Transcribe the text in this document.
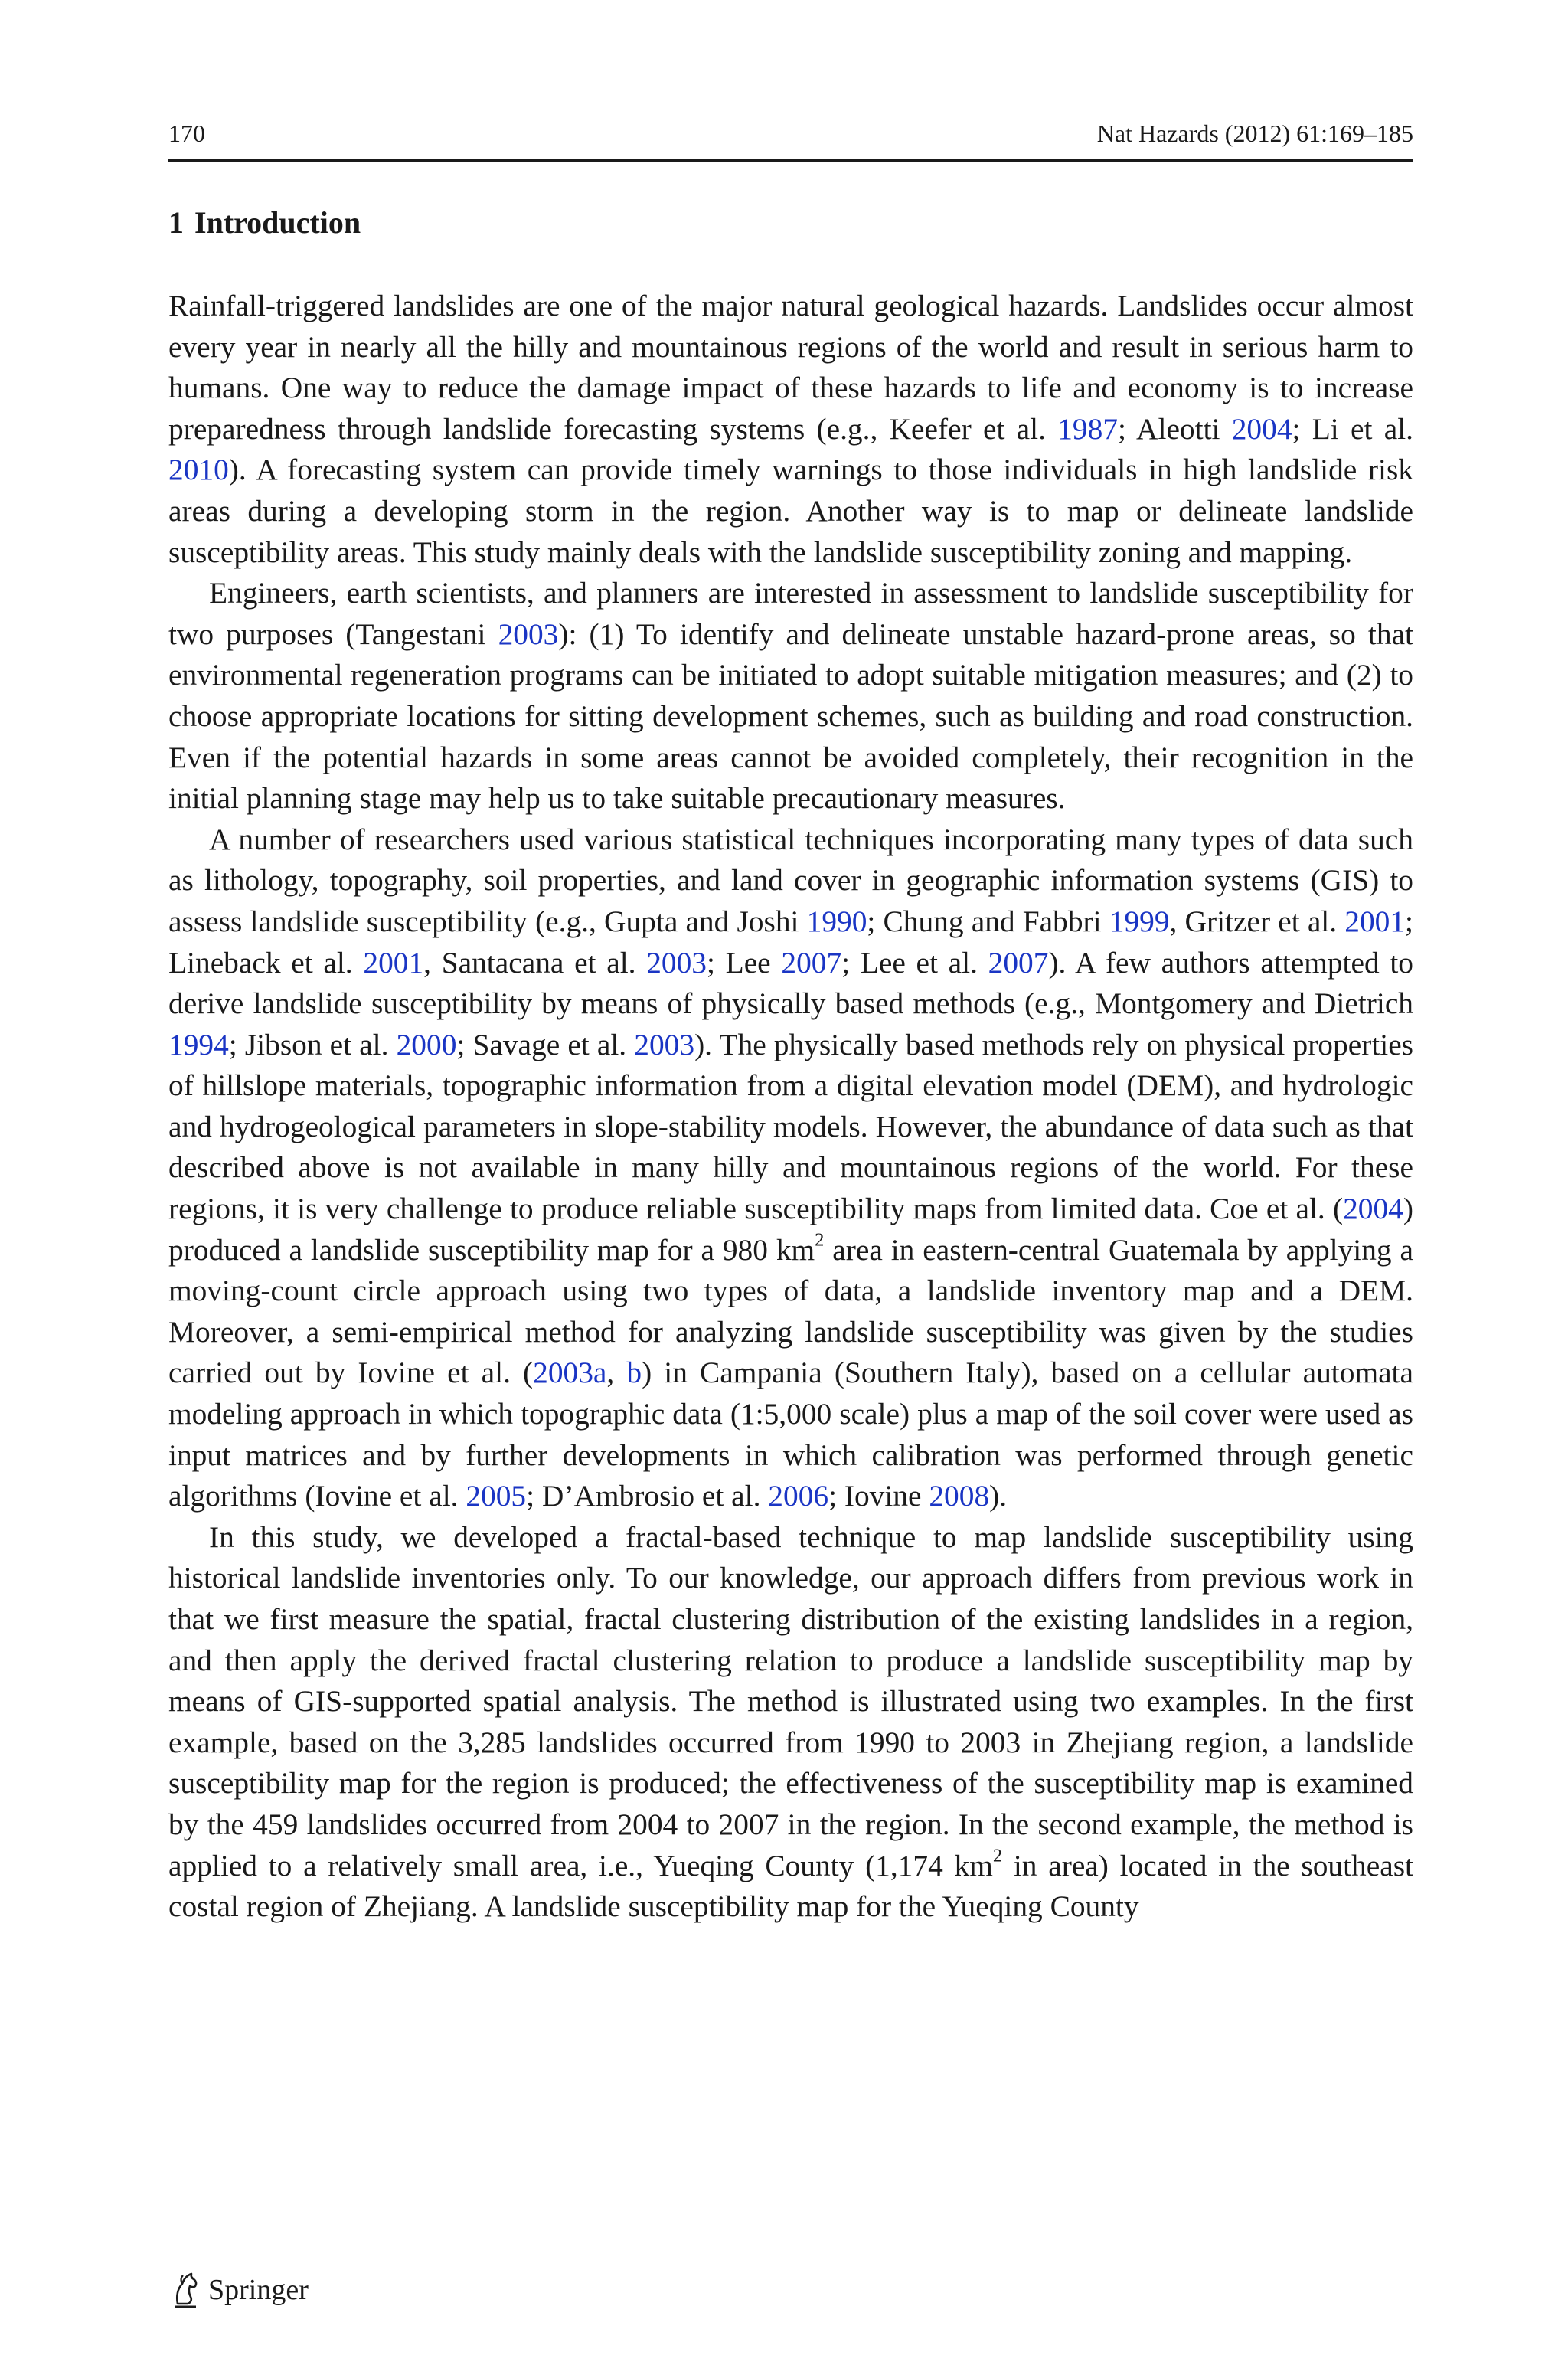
170	Nat Hazards (2012) 61:169–185
1 Introduction

Rainfall-triggered landslides are one of the major natural geological hazards. Landslides occur almost every year in nearly all the hilly and mountainous regions of the world and result in serious harm to humans. One way to reduce the damage impact of these hazards to life and economy is to increase preparedness through landslide forecasting systems (e.g., Keefer et al. 1987; Aleotti 2004; Li et al. 2010). A forecasting system can provide timely warnings to those individuals in high landslide risk areas during a developing storm in the region. Another way is to map or delineate landslide susceptibility areas. This study mainly deals with the landslide susceptibility zoning and mapping.

Engineers, earth scientists, and planners are interested in assessment to landslide susceptibility for two purposes (Tangestani 2003): (1) To identify and delineate unstable hazard-prone areas, so that environmental regeneration programs can be initiated to adopt suitable mitigation measures; and (2) to choose appropriate locations for sitting development schemes, such as building and road construction. Even if the potential hazards in some areas cannot be avoided completely, their recognition in the initial planning stage may help us to take suitable precautionary measures.

A number of researchers used various statistical techniques incorporating many types of data such as lithology, topography, soil properties, and land cover in geographic information systems (GIS) to assess landslide susceptibility (e.g., Gupta and Joshi 1990; Chung and Fabbri 1999, Gritzer et al. 2001; Lineback et al. 2001, Santacana et al. 2003; Lee 2007; Lee et al. 2007). A few authors attempted to derive landslide susceptibility by means of physically based methods (e.g., Montgomery and Dietrich 1994; Jibson et al. 2000; Savage et al. 2003). The physically based methods rely on physical properties of hillslope materials, topographic information from a digital elevation model (DEM), and hydrologic and hydrogeological parameters in slope-stability models. However, the abundance of data such as that described above is not available in many hilly and mountainous regions of the world. For these regions, it is very challenge to produce reliable susceptibility maps from limited data. Coe et al. (2004) produced a landslide susceptibility map for a 980 $km^2$ area in eastern-central Guatemala by applying a moving-count circle approach using two types of data, a landslide inventory map and a DEM. Moreover, a semi-empirical method for analyzing landslide susceptibility was given by the studies carried out by Iovine et al. (2003a, b) in Campania (Southern Italy), based on a cellular automata modeling approach in which topographic data (1:5,000 scale) plus a map of the soil cover were used as input matrices and by further developments in which calibration was performed through genetic algorithms (Iovine et al. 2005; D’Ambrosio et al. 2006; Iovine 2008).

In this study, we developed a fractal-based technique to map landslide susceptibility using historical landslide inventories only. To our knowledge, our approach differs from previous work in that we first measure the spatial, fractal clustering distribution of the existing landslides in a region, and then apply the derived fractal clustering relation to produce a landslide susceptibility map by means of GIS-supported spatial analysis. The method is illustrated using two examples. In the first example, based on the 3,285 landslides occurred from 1990 to 2003 in Zhejiang region, a landslide susceptibility map for the region is produced; the effectiveness of the susceptibility map is examined by the 459 landslides occurred from 2004 to 2007 in the region. In the second example, the method is applied to a relatively small area, i.e., Yueqing County (1,174 $km^2$ in area) located in the southeast costal region of Zhejiang. A landslide susceptibility map for the Yueqing County

Springer
